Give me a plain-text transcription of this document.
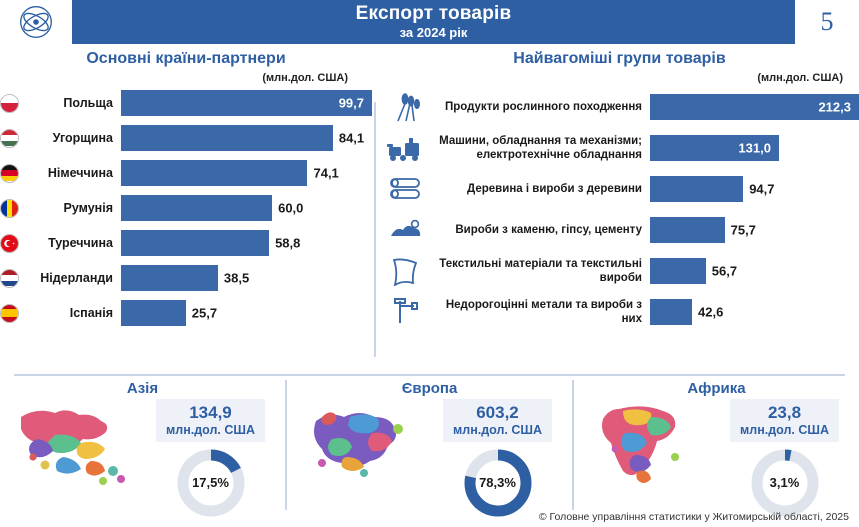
Експорт товарів
за 2024 рік	5
Основні країни-партнери
(млн.дол. США)
Польща	99,7
Угорщина	84,1
Німеччина	74,1
Румунія	60,0
Туреччина	58,8
Нідерланди	38,5
Іспанія	25,7
Найвагоміші групи товарів
(млн.дол. США)
Продукти рослинного походження	212,3
Машини, обладнання та механізми; електротехнічне обладнання	131,0
Деревина і вироби з деревини	94,7
Вироби з каменю, гіпсу, цементу	75,7
Текстильні матеріали та текстильні вироби	56,7
Недорогоцінні метали та вироби з них	42,6
Азія
134,9
млн.дол. США
17,5%
Європа
603,2
млн.дол. США
78,3%
Африка
23,8
млн.дол. США
3,1%
© Головне управління статистики у Житомирській області, 2025
